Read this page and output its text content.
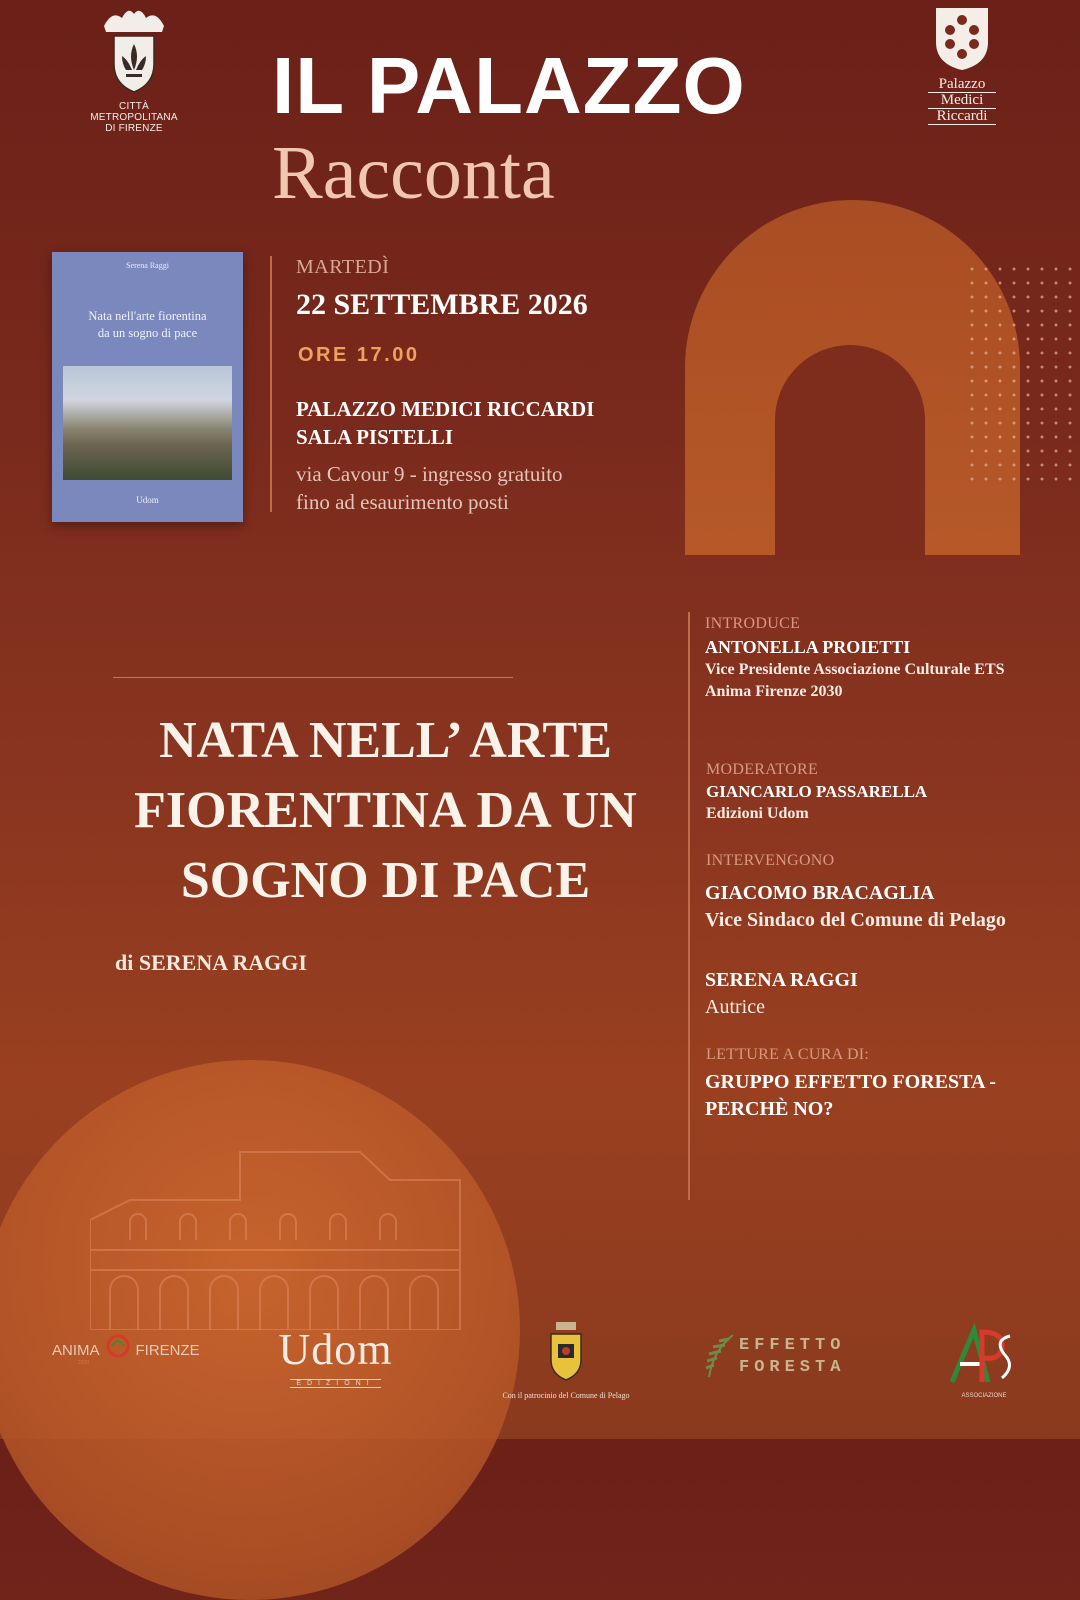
CITTÀ METROPOLITANA
DI FIRENZE	IL PALAZZO
Racconta
Palazzo
Medici
Riccardi
Serena Raggi
Nata nell'arte fiorentina
da un sogno di pace
Udom
MARTEDÌ
22 SETTEMBRE 2026
ORE 17.00
PALAZZO MEDICI RICCARDI
SALA PISTELLI
via Cavour 9 - ingresso gratuito
fino ad esaurimento posti
NATA NELL’ ARTE
FIORENTINA DA UN
SOGNO DI PACE
di SERENA RAGGI
INTRODUCE
ANTONELLA PROIETTI
Vice Presidente Associazione Culturale ETS
Anima Firenze 2030
MODERATORE
GIANCARLO PASSARELLA
Edizioni Udom
INTERVENGONO
GIACOMO BRACAGLIA
Vice Sindaco del Comune di Pelago
SERENA RAGGI
Autrice
LETTURE A CURA DI:
GRUPPO EFFETTO FORESTA -
PERCHÈ NO?
ANIMA FIRENZE
2030	Udom
EDIZIONI
Con il patrocinio del Comune di Pelago
EFFETTO
FORESTA
ASSOCIAZIONE
